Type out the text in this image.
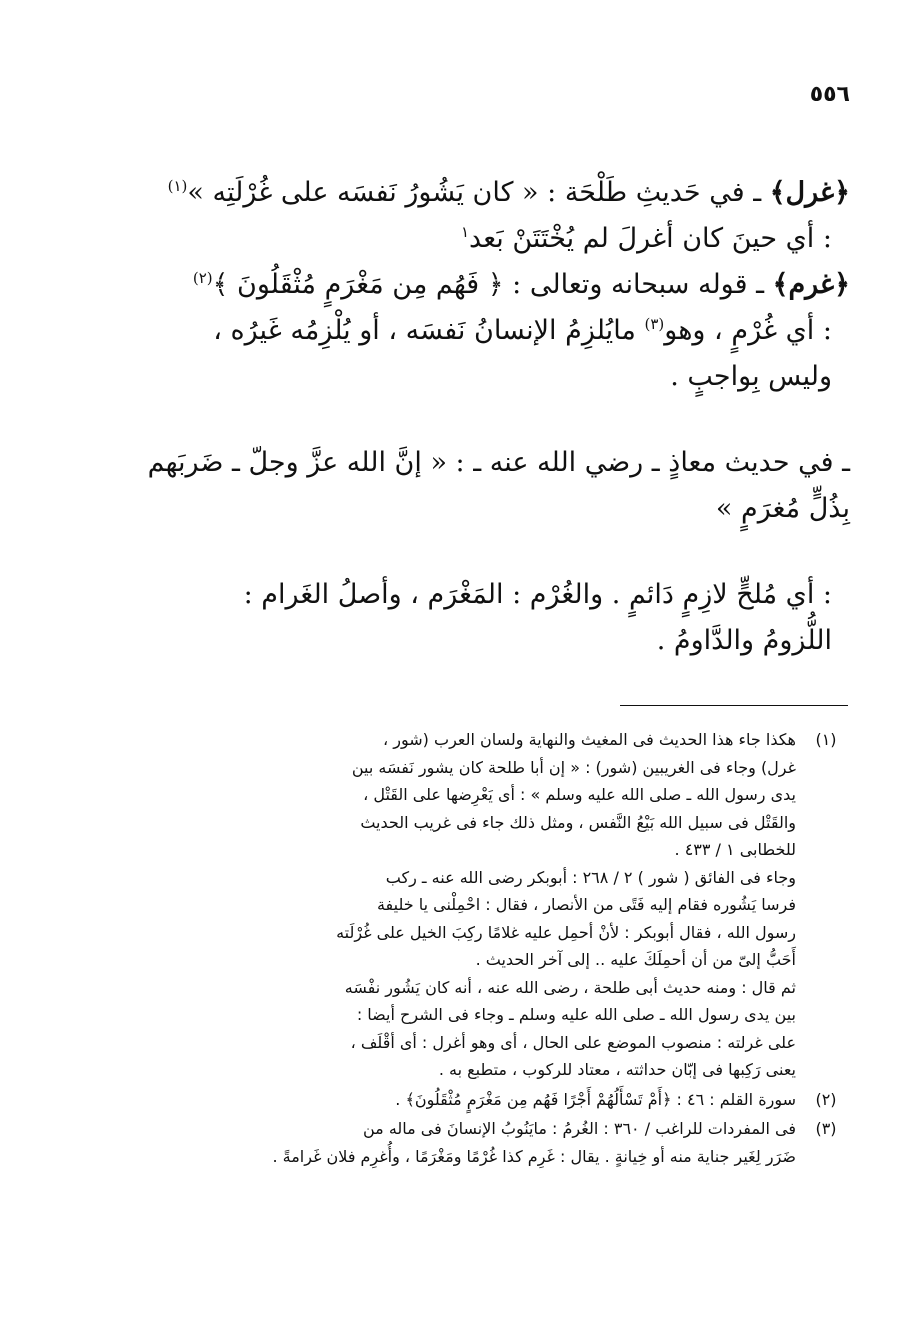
٥٥٦

﴿غرل﴾ ـ في حَديثِ طَلْحَة : « كان يَشُورُ نَفسَه على غُرْلَتِه »$^{(١)}$

: أي حينَ كان أغرلَ لم يُخْتَتَنْ بَعد$^١$

﴿غرم﴾ ـ قوله سبحانه وتعالى : ﴿ فَهُم مِن مَغْرَمٍ مُثْقَلُونَ ﴾$^{(٢)}$

: أي غُرْمٍ ، وهو$^{(٣)}$ مايُلزِمُ الإنسانُ نَفسَه ، أو يُلْزِمُه غَيرُه ،

وليس بِواجبٍ .

ـ في حديث معاذٍ ـ رضي الله عنه ـ : « إنَّ الله عزَّ وجلّ ـ ضَربَهم

بِذُلٍّ مُغرَمٍ »

: أي مُلحٍّ لازِمٍ دَائمٍ . والغُرْم : المَغْرَم ، وأصلُ الغَرام :

اللُّزومُ والدَّاومُ .

(١)

هكذا جاء هذا الحديث فى المغيث والنهاية ولسان العرب (شور ،

غرل) وجاء فى الغريبين (شور) : « إن أبا طلحة كان يشور نَفسَه بين

يدى رسول الله ـ صلى الله عليه وسلم » : أى يَعْرِضها على القَتْل ،

والقَتْل فى سبيل الله بَيْعُ النَّفس ، ومثل ذلك جاء فى غريب الحديث

للخطابى ١ / ٤٣٣ .

وجاء فى الفائق ( شور ) ٢ / ٢٦٨ : أبوبكر رضى الله عنه ـ ركب

فرسا يَشُوره فقام إليه فَتًى من الأنصار ، فقال : احْمِلْنى يا خليفة

رسول الله ، فقال أبوبكر : لأنْ أحمِل عليه غلامًا ركِبَ الخيل على غُرْلَته

أَحَبُّ إلىّ من أن أحمِلَكَ عليه .. إلى آخر الحديث .

ثم قال : ومنه حديث أبى طلحة ، رضى الله عنه ، أنه كان يَشُور نفْسَه

بين يدى رسول الله ـ صلى الله عليه وسلم ـ وجاء فى الشرح أيضا :

على غرلته : منصوب الموضع على الحال ، أى وهو أغرل : أى أقْلَف ،

يعنى رَكِبها فى إبّان حداثته ، معتاد للركوب ، متطبع به .

(٢)

سورة القلم : ٤٦ : ﴿أَمْ تَسْأَلُهُمْ أَجْرًا فَهُم مِن مَغْرَمٍ مُثْقَلُونَ﴾ .

(٣)

فى المفردات للراغب / ٣٦٠ : الغُرمُ : مايَنُوبُ الإنسانَ فى ماله من

ضَرَر لِغَير جناية منه أو خِيانةٍ . يقال : غَرِم كذا غُرْمًا ومَغْرَمًا ، وأُغرِم فلان غَرامةً .
